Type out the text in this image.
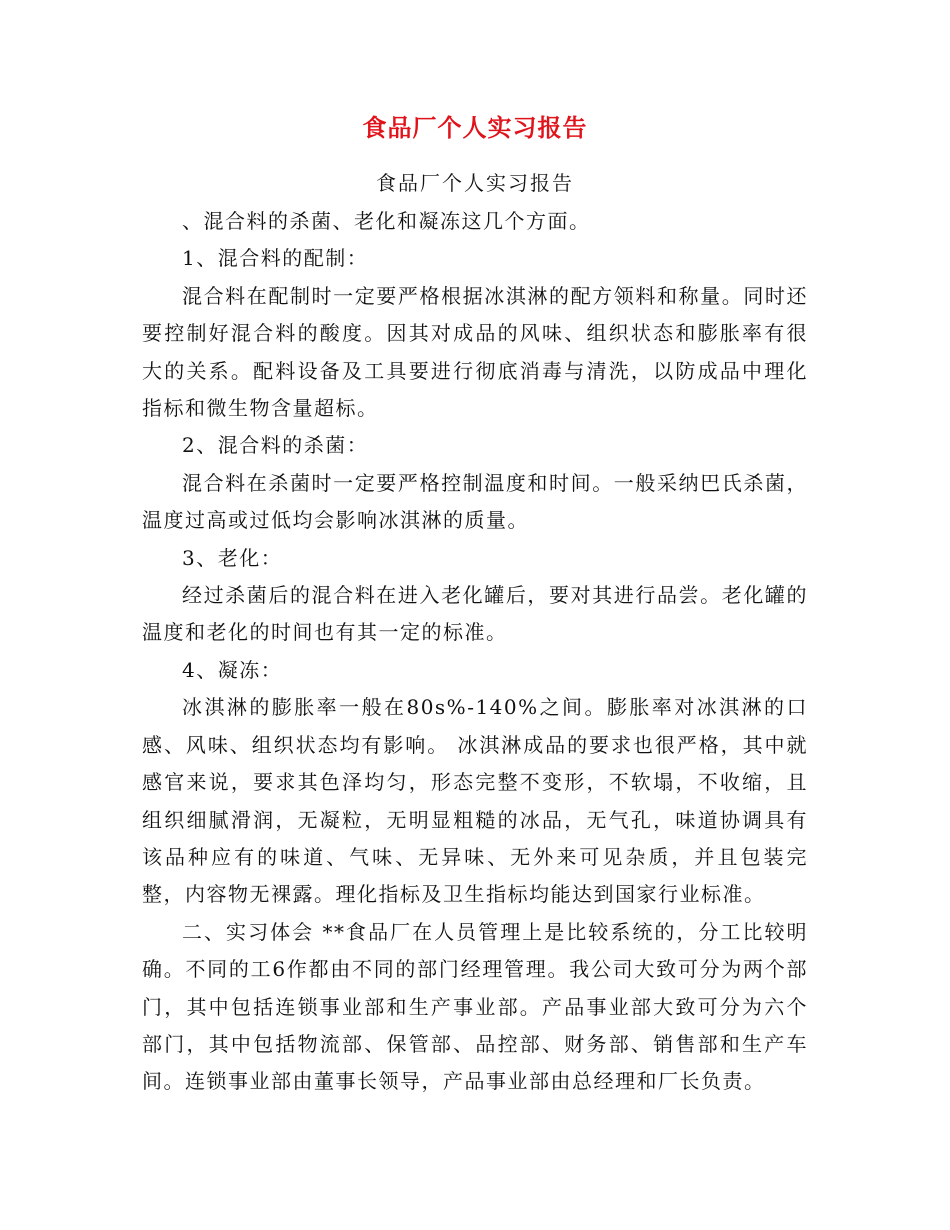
食品厂个人实习报告
食品厂个人实习报告

、混合料的杀菌、老化和凝冻这几个方面。

1、混合料的配制：

混合料在配制时一定要严格根据冰淇淋的配方领料和称量。同时还要控制好混合料的酸度。因其对成品的风味、组织状态和膨胀率有很大的关系。配料设备及工具要进行彻底消毒与清洗，以防成品中理化指标和微生物含量超标。

2、混合料的杀菌：

混合料在杀菌时一定要严格控制温度和时间。一般采纳巴氏杀菌，温度过高或过低均会影响冰淇淋的质量。

3、老化：

经过杀菌后的混合料在进入老化罐后，要对其进行品尝。老化罐的温度和老化的时间也有其一定的标准。

4、凝冻：

冰淇淋的膨胀率一般在80s%-140%之间。膨胀率对冰淇淋的口感、风味、组织状态均有影响。 冰淇淋成品的要求也很严格，其中就感官来说，要求其色泽均匀，形态完整不变形，不软塌，不收缩，且组织细腻滑润，无凝粒，无明显粗糙的冰品，无气孔，味道协调具有该品种应有的味道、气味、无异味、无外来可见杂质，并且包装完整，内容物无裸露。理化指标及卫生指标均能达到国家行业标准。

二、实习体会 **食品厂在人员管理上是比较系统的，分工比较明确。不同的工6作都由不同的部门经理管理。我公司大致可分为两个部门，其中包括连锁事业部和生产事业部。产品事业部大致可分为六个部门，其中包括物流部、保管部、品控部、财务部、销售部和生产车间。连锁事业部由董事长领导，产品事业部由总经理和厂长负责。
